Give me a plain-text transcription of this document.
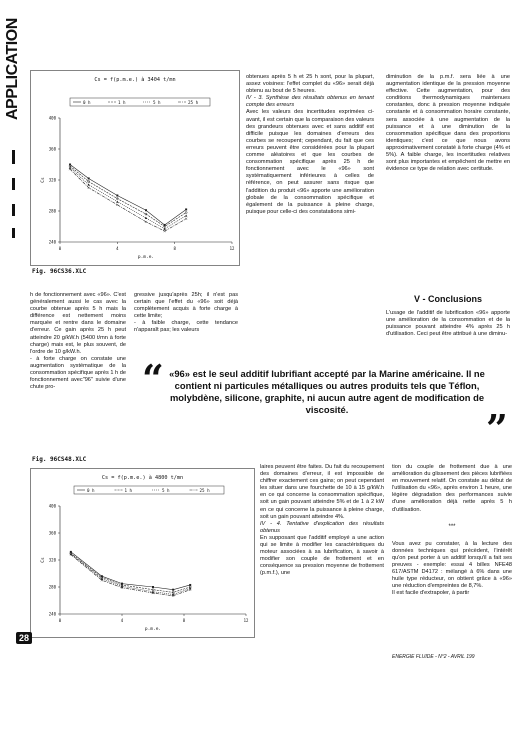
APPLICATION	Cs = f(p.m.e.) à 3404 t/mn
0 h	1 h	5 h	25 h
240
280
320
360
400
0	4	8	12
Cs
p.m.e.
Fig. 96CS36.XLC

obtenues après 5 h et 25 h sont, pour la plupart, assez voisines: l'effet complet du «96» serait déjà obtenu au bout de 5 heures.

IV - 3. Synthèse des résultats obtenus en tenant compte des erreurs

Avec les valeurs des incertitudes exprimées ci-avant, il est certain que la comparaison des valeurs des grandeurs obtenues avec et sans additif est difficile puisque les domaines d'erreurs des courbes se recoupent; cependant, du fait que ces erreurs peuvent être considérées pour la plupart comme aléatoires et que les courbes de consommation spécifique après 25 h de fonctionnement avec le «96» sont systématiquement inférieures à celles de référence, on peut assurer sans risque que l'addition du produit «96» apporte une amélioration globale de la consommation spécifique et également de la puissance à pleine charge, puisque pour celle-ci des constatations simi-

diminution de la p.m.f. sera liée à une augmentation identique de la pression moyenne effective. Cette augmentation, pour des conditions thermodynamiques maintenues constantes, donc à pression moyenne indiquée constante et à consommation horaire constante, sera associée à une augmentation de la puissance et à une diminution de la consommation spécifique dans des proportions identiques; c'est ce que nous avons approximativement constaté à forte charge (4% et 5%). A faible charge, les incertitudes relatives sont plus importantes et empêchent de mettre en évidence ce type de relation avec certitude.

V - Conclusions
L'usage de l'additif de lubrification «96» apporte une amélioration de la consommation et de la puissance pouvant atteindre 4% après 25 h d'utilisation. Ceci peut être attribué à une diminu-

h de fonctionnement avec «96». C'est généralement aussi le cas avec la courbe obtenue après 5 h mais la différence est nettement moins marquée et rentre dans le domaine d'erreur. Ce gain après 25 h peut atteindre 20 g/kW.h (5400 t/mn à forte charge) mais est, le plus souvent, de l'ordre de 10 g/kW.h.

- à forte charge on constate une augmentation systématique de la consommation spécifique après 1 h de fonctionnement avec"96" suivie d'une chute pro-

gressive jusqu'après 25h; il n'est pas certain que l'effet du «96» soit déjà complètement acquis à forte charge à cette limite;

- à faible charge, cette tendance n'apparaît pas; les valeurs

“ «96» est le seul additif lubrifiant accepté par la Marine américaine. Il ne contient ni particules métalliques ou autres produits tels que Téflon, molybdène, silicone, graphite, ni aucun autre agent de modification de viscosité.	”
Fig. 96CS48.XLC
Cs = f(p.m.e.) à 4800 t/mn
0 h	1 h	5 h	25 h
240
280
320
360
400
0	4	8	12
Cs
p.m.e.

laires peuvent être faites. Du fait du recoupement des domaines d'erreur, il est impossible de chiffrer exactement ces gains; on peut cependant les situer dans une fourchette de 10 à 15 g/kW.h en ce qui concerne la consommation spécifique, soit un gain pouvant atteindre 5% et de 1 à 2 kW en ce qui concerne la puissance à pleine charge, soit un gain pouvant atteindre 4%.

IV - 4. Tentative d'explication des résultats obtenus

En supposant que l'additif employé a une action qui se limite à modifier les caractéristiques du moteur associées à sa lubrification, à savoir à modifier son couple de frottement et en conséquence sa pression moyenne de frottement (p.m.f.), une

tion du couple de frottement due à une amélioration du glissement des pièces lubrifiées en mouvement relatif. On constate au début de l'utilisation du «96», après environ 1 heure, une légère dégradation des performances suivie d'une amélioration déjà nette après 5 h d'utilisation.

***

Vous avez pu constater, à la lecture des données techniques qui précèdent, l'intérêt qu'on peut porter à un additif lorsqu'il a fait ses preuves - exemple: essai 4 billes NFE48 617/ASTM D4172 : mélangé à 6% dans une huile type réducteur, on obtient grâce à «96» une réduction d'empreintes de 8,7%.

Il est facile d'extrapoler, à partir

28
ENERGIE FLUIDE - N°2 - AVRIL 199
